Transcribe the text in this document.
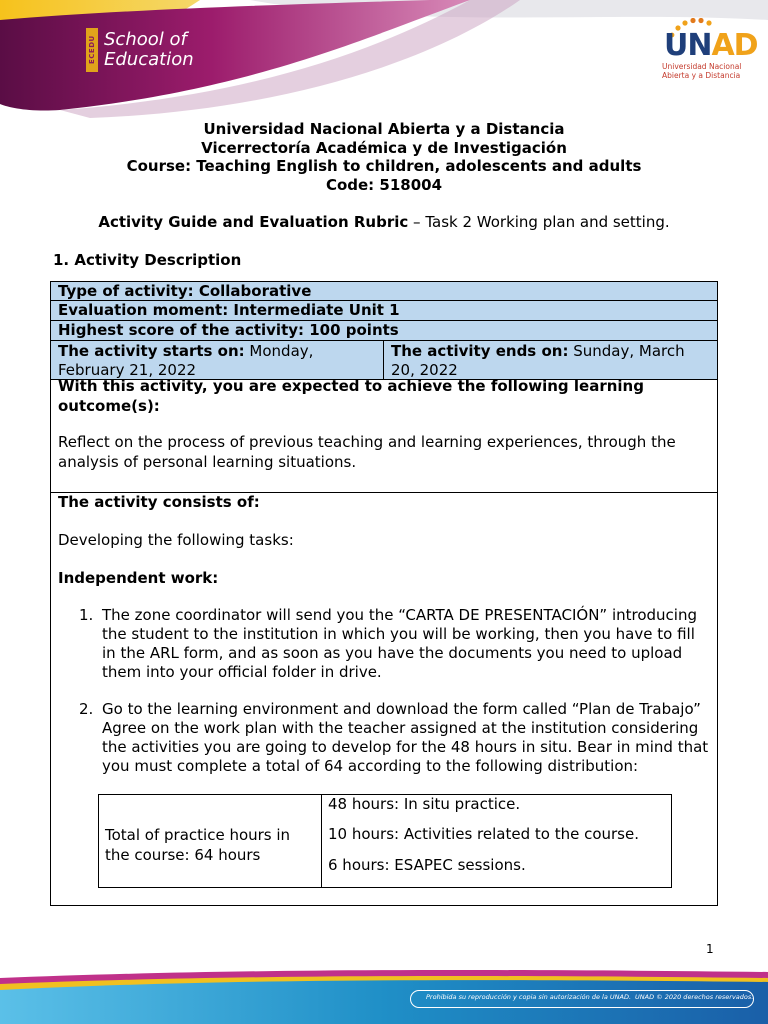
ECEDU School of
Education	UNAD
Universidad Nacional
Abierta y a Distancia
Universidad Nacional Abierta y a Distancia
Vicerrectoría Académica y de Investigación
Course: Teaching English to children, adolescents and adults
Code: 518004
Activity Guide and Evaluation Rubric – Task 2 Working plan and setting.
1. Activity Description
Type of activity: Collaborative
Evaluation moment: Intermediate Unit 1
Highest score of the activity: 100 points
The activity starts on: Monday, February 21, 2022
The activity ends on: Sunday, March 20, 2022
With this activity, you are expected to achieve the following learning outcome(s):
Reflect on the process of previous teaching and learning experiences, through the analysis of personal learning situations.
The activity consists of:
Developing the following tasks:
Independent work:
1. The zone coordinator will send you the “CARTA DE PRESENTACIÓN” introducing the student to the institution in which you will be working, then you have to fill in the ARL form, and as soon as you have the documents you need to upload them into your official folder in drive.
2. Go to the learning environment and download the form called “Plan de Trabajo” Agree on the work plan with the teacher assigned at the institution considering the activities you are going to develop for the 48 hours in situ. Bear in mind that you must complete a total of 64 according to the following distribution:
Total of practice hours in the course: 64 hours
48 hours: In situ practice.
10 hours: Activities related to the course.
6 hours: ESAPEC sessions.
1
Prohibida su reproducción y copia sin autorización de la UNAD. UNAD © 2020 derechos reservados.
